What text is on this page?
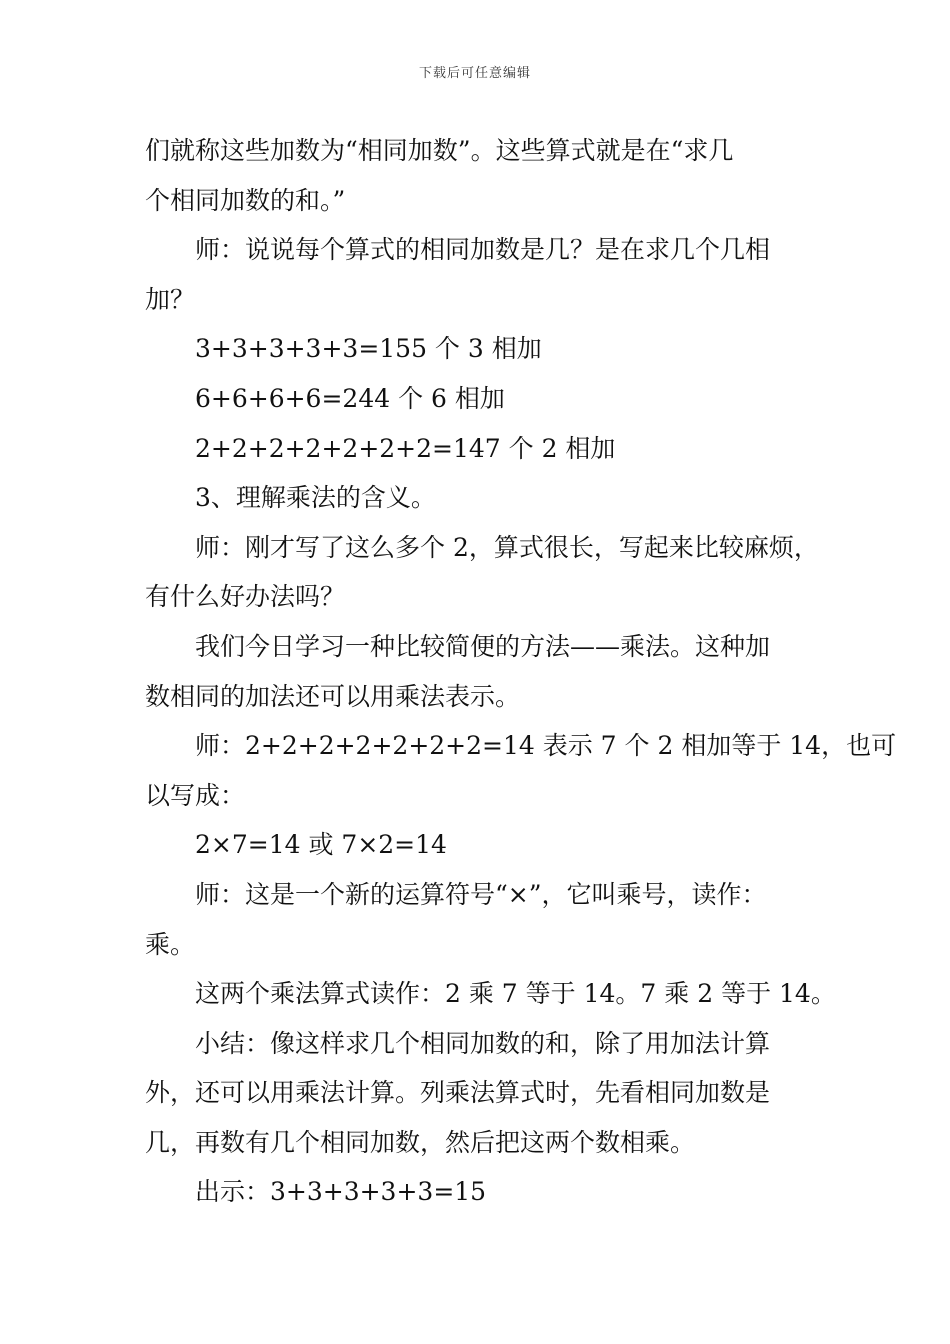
下载后可任意编辑
们就称这些加数为“相同加数”。这些算式就是在“求几
个相同加数的和。”
师：说说每个算式的相同加数是几？是在求几个几相
加？
3+3+3+3+3=155 个 3 相加
6+6+6+6=244 个 6 相加
2+2+2+2+2+2+2=147 个 2 相加
3、理解乘法的含义。
师：刚才写了这么多个 2，算式很长，写起来比较麻烦，
有什么好办法吗？
我们今日学习一种比较简便的方法——乘法。这种加
数相同的加法还可以用乘法表示。
师：2+2+2+2+2+2+2=14 表示 7 个 2 相加等于 14，也可
以写成：
2×7=14 或 7×2=14
师：这是一个新的运算符号“×”，它叫乘号，读作：
乘。
这两个乘法算式读作：2 乘 7 等于 14。7 乘 2 等于 14。
小结：像这样求几个相同加数的和，除了用加法计算
外，还可以用乘法计算。列乘法算式时，先看相同加数是
几，再数有几个相同加数，然后把这两个数相乘。
出示：3+3+3+3+3=15
